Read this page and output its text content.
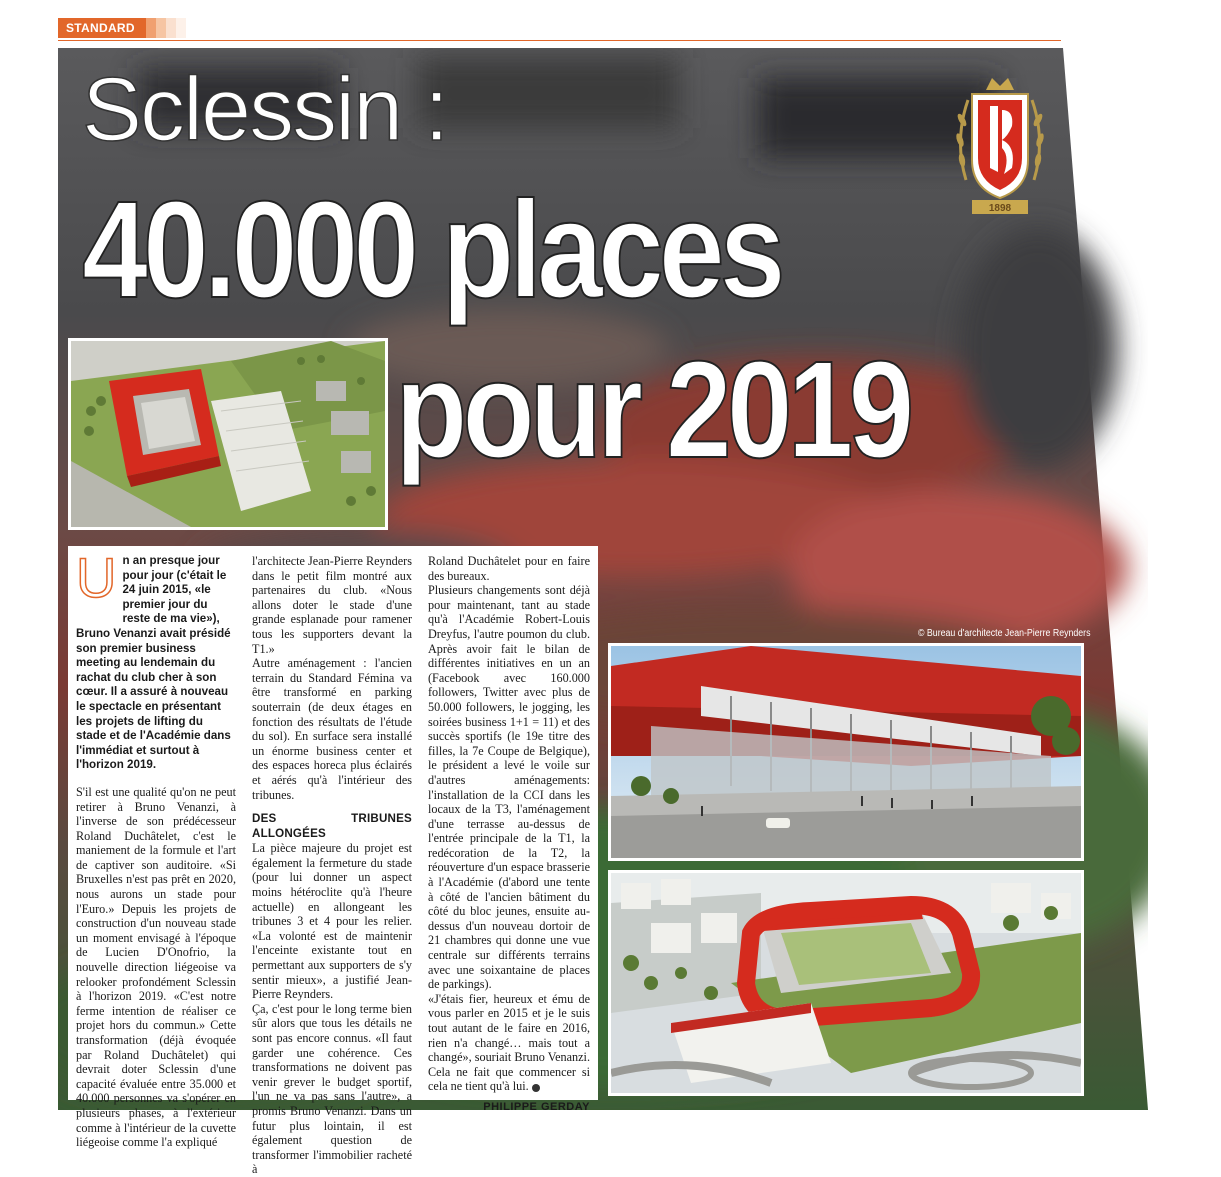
STANDARD
Sclessin :
40.000 places
pour 2019
1898
© Bureau d'architecte Jean-Pierre Reynders
U n an presque jour pour jour (c'était le 24 juin 2015, «le premier jour du reste de ma vie»), Bruno Venanzi avait présidé son premier business meeting au lendemain du rachat du club cher à son cœur. Il a assuré à nouveau le spectacle en présentant les projets de lifting du stade et de l'Académie dans l'immédiat et surtout à l'horizon 2019.

S'il est une qualité qu'on ne peut retirer à Bruno Venanzi, à l'inverse de son prédécesseur Roland Duchâtelet, c'est le maniement de la formule et l'art de captiver son auditoire. «Si Bruxelles n'est pas prêt en 2020, nous aurons un stade pour l'Euro.» Depuis les projets de construction d'un nouveau stade un moment envisagé à l'époque de Lucien D'Onofrio, la nouvelle direction liégeoise va relooker profondément Sclessin à l'horizon 2019. «C'est notre ferme intention de réaliser ce projet hors du commun.» Cette transformation (déjà évoquée par Roland Duchâtelet) qui devrait doter Sclessin d'une capacité évaluée entre 35.000 et 40.000 personnes va s'opérer en plusieurs phases, à l'extérieur comme à l'intérieur de la cuvette liégeoise comme l'a expliqué

l'architecte Jean-Pierre Reynders dans le petit film montré aux partenaires du club. «Nous allons doter le stade d'une grande esplanade pour ramener tous les supporters devant la T1.»

Autre aménagement : l'ancien terrain du Standard Fémina va être transformé en parking souterrain (de deux étages en fonction des résultats de l'étude du sol). En surface sera installé un énorme business center et des espaces horeca plus éclairés et aérés qu'à l'intérieur des tribunes.

DES TRIBUNES ALLONGÉES

La pièce majeure du projet est également la fermeture du stade (pour lui donner un aspect moins hétéroclite qu'à l'heure actuelle) en allongeant les tribunes 3 et 4 pour les relier. «La volonté est de maintenir l'enceinte existante tout en permettant aux supporters de s'y sentir mieux», a justifié Jean-Pierre Reynders.

Ça, c'est pour le long terme bien sûr alors que tous les détails ne sont pas encore connus. «Il faut garder une cohérence. Ces transformations ne doivent pas venir grever le budget sportif, l'un ne va pas sans l'autre», a promis Bruno Venanzi. Dans un futur plus lointain, il est également question de transformer l'immobilier racheté à

Roland Duchâtelet pour en faire des bureaux.

Plusieurs changements sont déjà pour maintenant, tant au stade qu'à l'Académie Robert-Louis Dreyfus, l'autre poumon du club. Après avoir fait le bilan de différentes initiatives en un an (Facebook avec 160.000 followers, Twitter avec plus de 50.000 followers, le jogging, les soirées business 1+1 = 11) et des succès sportifs (le 19e titre des filles, la 7e Coupe de Belgique), le président a levé le voile sur d'autres aménagements: l'installation de la CCI dans les locaux de la T3, l'aménagement d'une terrasse au-dessus de l'entrée principale de la T1, la redécoration de la T2, la réouverture d'un espace brasserie à l'Académie (d'abord une tente à côté de l'ancien bâtiment du côté du bloc jeunes, ensuite au-dessus d'un nouveau dortoir de 21 chambres qui donne une vue centrale sur différents terrains avec une soixantaine de places de parkings).

«J'étais fier, heureux et ému de vous parler en 2015 et je le suis tout autant de le faire en 2016, rien n'a changé… mais tout a changé», souriait Bruno Venanzi. Cela ne fait que commencer si cela ne tient qu'à lui.

PHILIPPE GERDAY
